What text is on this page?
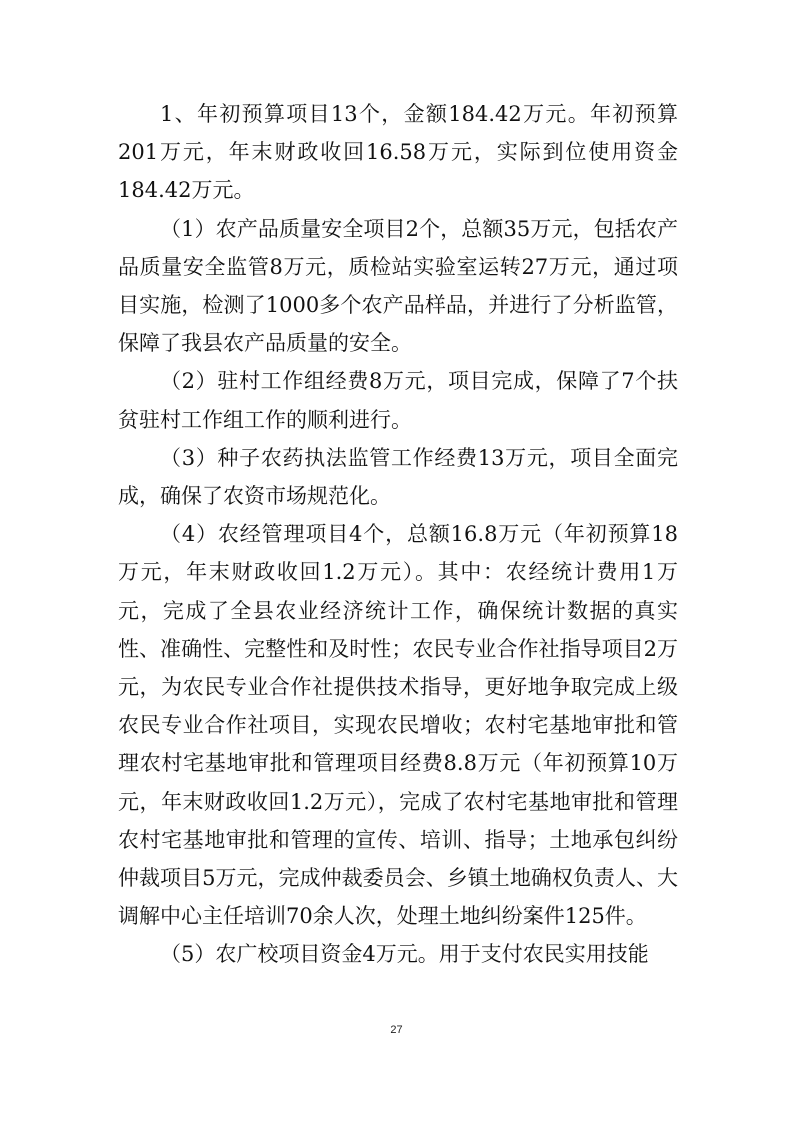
1、年初预算项目13个，金额184.42万元。年初预算201万元，年末财政收回16.58万元，实际到位使用资金184.42万元。

（1）农产品质量安全项目2个，总额35万元，包括农产品质量安全监管8万元，质检站实验室运转27万元，通过项目实施，检测了1000多个农产品样品，并进行了分析监管，保障了我县农产品质量的安全。

（2）驻村工作组经费8万元，项目完成，保障了7个扶贫驻村工作组工作的顺利进行。

（3）种子农药执法监管工作经费13万元，项目全面完成，确保了农资市场规范化。

（4）农经管理项目4个，总额16.8万元（年初预算18万元，年末财政收回1.2万元）。其中：农经统计费用1万元，完成了全县农业经济统计工作，确保统计数据的真实性、准确性、完整性和及时性；农民专业合作社指导项目2万元，为农民专业合作社提供技术指导，更好地争取完成上级农民专业合作社项目，实现农民增收；农村宅基地审批和管理农村宅基地审批和管理项目经费8.8万元（年初预算10万元，年末财政收回1.2万元），完成了农村宅基地审批和管理农村宅基地审批和管理的宣传、培训、指导；土地承包纠纷仲裁项目5万元，完成仲裁委员会、乡镇土地确权负责人、大调解中心主任培训70余人次，处理土地纠纷案件125件。

（5）农广校项目资金4万元。用于支付农民实用技能

27
